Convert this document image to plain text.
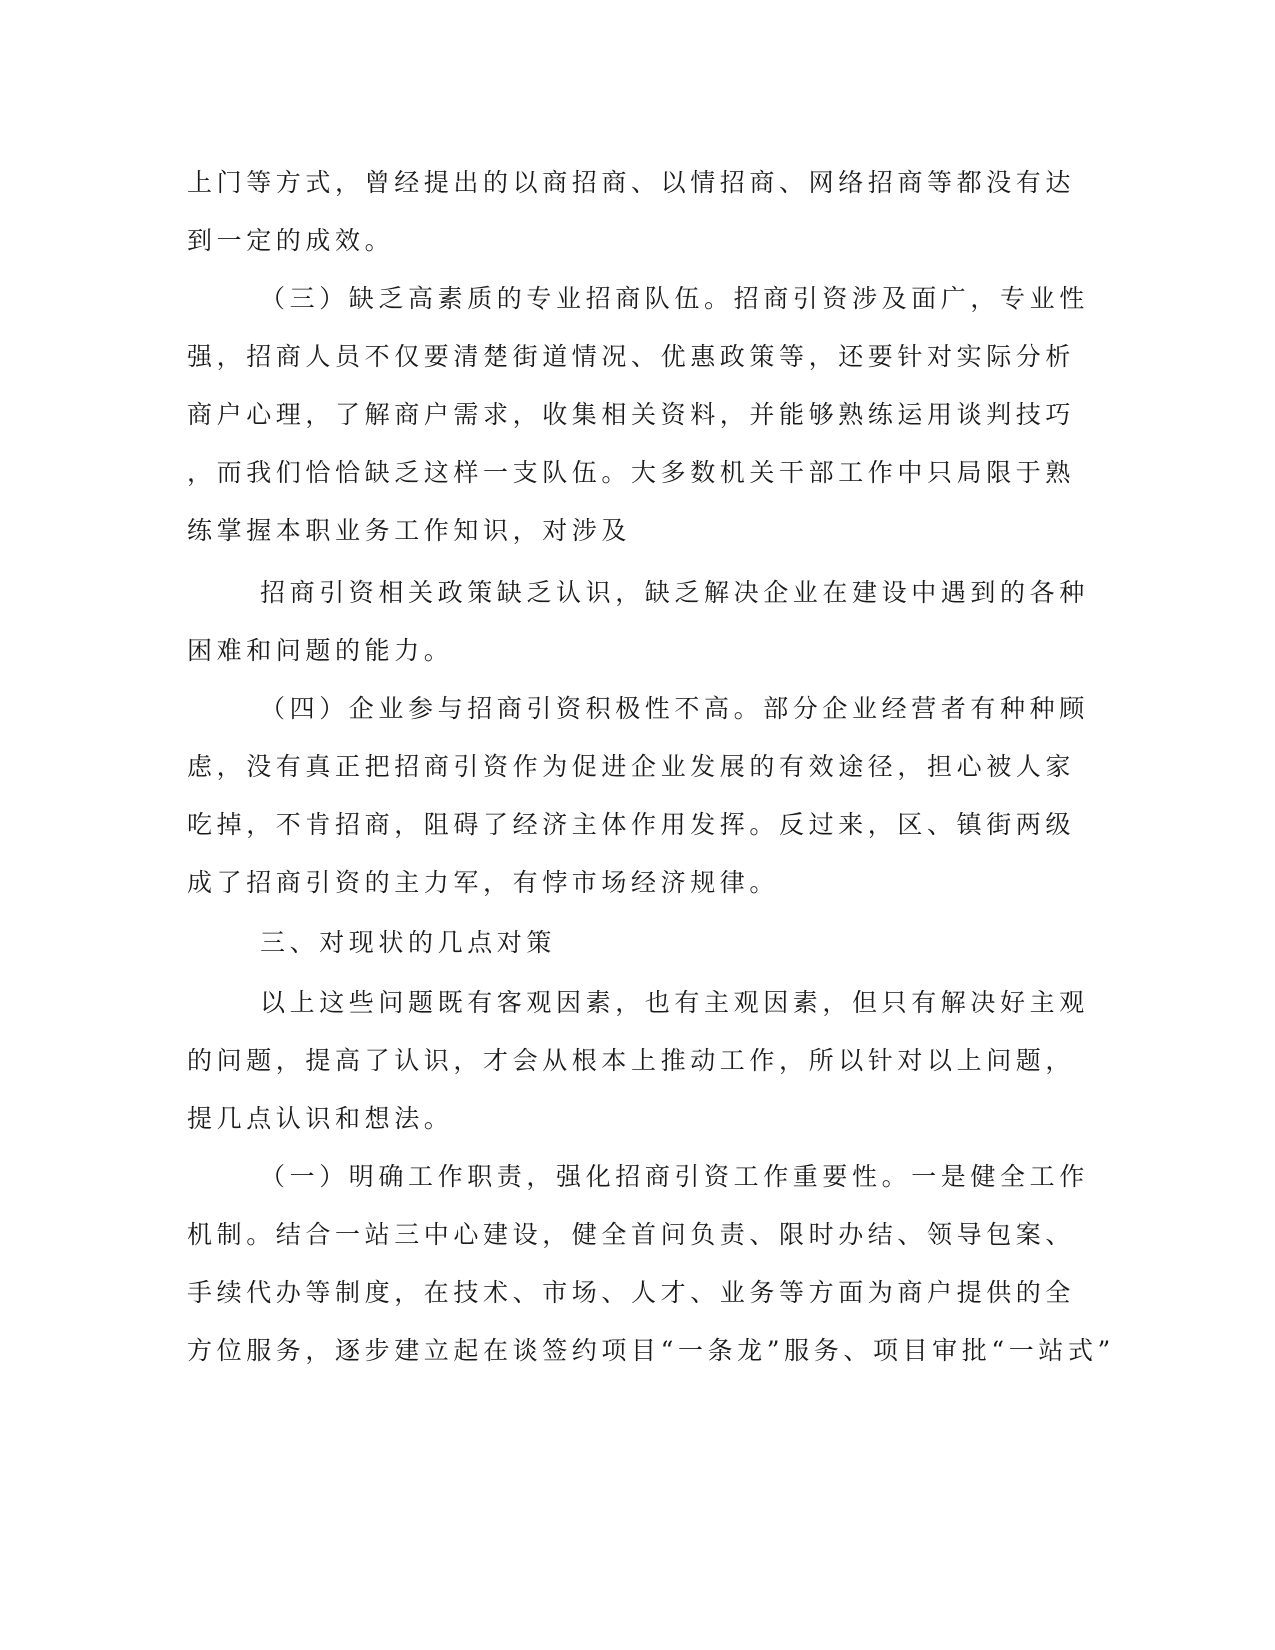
上门等方式，曾经提出的以商招商、以情招商、网络招商等都没有达
到一定的成效。
（三）缺乏高素质的专业招商队伍。招商引资涉及面广，专业性
强，招商人员不仅要清楚街道情况、优惠政策等，还要针对实际分析
商户心理，了解商户需求，收集相关资料，并能够熟练运用谈判技巧
，而我们恰恰缺乏这样一支队伍。大多数机关干部工作中只局限于熟
练掌握本职业务工作知识，对涉及
招商引资相关政策缺乏认识，缺乏解决企业在建设中遇到的各种
困难和问题的能力。
（四）企业参与招商引资积极性不高。部分企业经营者有种种顾
虑，没有真正把招商引资作为促进企业发展的有效途径，担心被人家
吃掉，不肯招商，阻碍了经济主体作用发挥。反过来，区、镇街两级
成了招商引资的主力军，有悖市场经济规律。
三、对现状的几点对策
以上这些问题既有客观因素，也有主观因素，但只有解决好主观
的问题，提高了认识，才会从根本上推动工作，所以针对以上问题，
提几点认识和想法。
（一）明确工作职责，强化招商引资工作重要性。一是健全工作
机制。结合一站三中心建设，健全首问负责、限时办结、领导包案、
手续代办等制度，在技术、市场、人才、业务等方面为商户提供的全
方位服务，逐步建立起在谈签约项目“一条龙”服务、项目审批“一站式”
